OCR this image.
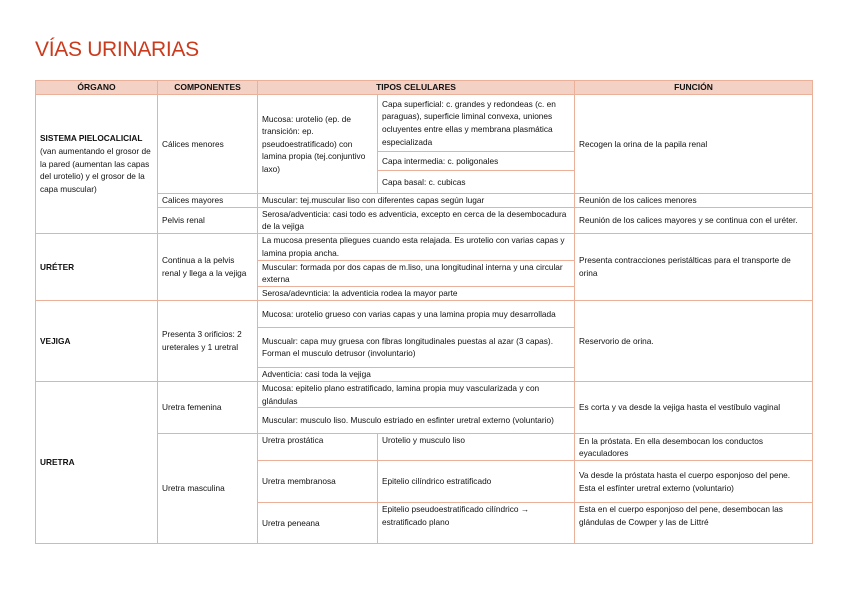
VÍAS URINARIAS
ÓRGANO	COMPONENTES	TIPOS CELULARES		FUNCIÓN

SISTEMA PIELOCALICIAL
(van aumentando el grosor de la pared (aumentan las capas del urotelio) y el grosor de la capa muscular)	Cálices menores	Mucosa: urotelio (ep. de transición: ep. pseudoestratificado) con lamina propia (tej.conjuntivo laxo)	Capa superficial: c. grandes y redondeas (c. en paraguas), superficie liminal convexa, uniones ocluyentes entre ellas y membrana plasmática especializada	Recogen la orina de la papila renal
			Capa intermedia: c. poligonales	
			Capa basal: c. cubicas	
	Calices mayores	Muscular: tej.muscular liso con diferentes capas según lugar		Reunión de los calices menores
	Pelvis renal	Serosa/adventicia: casi todo es adventicia, excepto en cerca de la desembocadura de la vejiga		Reunión de los calices mayores y se continua con el uréter.
URÉTER	Continua a la pelvis renal y llega a la vejiga	La mucosa presenta pliegues cuando esta relajada. Es urotelio con varias capas y lamina propia ancha.		Presenta contracciones peristálticas para el transporte de orina
		Muscular: formada por dos capas de m.liso, una longitudinal interna y una circular externa		
		Serosa/adevnticia: la adventicia rodea la mayor parte		
VEJIGA	Presenta 3 orificios: 2 ureterales y 1 uretral	Mucosa: urotelio grueso con varias capas y una lamina propia muy desarrollada		Reservorio de orina.

		Muscualr: capa muy gruesa con fibras longitudinales puestas al azar (3 capas).
Forman el musculo detrusor (involuntario)		

		Adventicia: casi toda la vejiga		
URETRA	Uretra femenina	Mucosa: epitelio plano estratificado, lamina propia muy vascularizada y con glándulas		Es corta y va desde la vejiga hasta el vestíbulo vaginal
		Muscular: musculo liso. Musculo estriado en esfinter uretral externo (voluntario)		
	Uretra masculina	Uretra prostática	Urotelio y musculo liso	En la próstata. En ella desembocan los conductos eyaculadores
		Uretra membranosa	Epitelio cilíndrico estratificado	Va desde la próstata hasta el cuerpo esponjoso del pene. Esta el esfínter uretral externo (voluntario)
		Uretra peneana	Epitelio pseudoestratificado cilíndrico → estratificado plano	Esta en el cuerpo esponjoso del pene, desembocan las glándulas de Cowper y las de Littré
